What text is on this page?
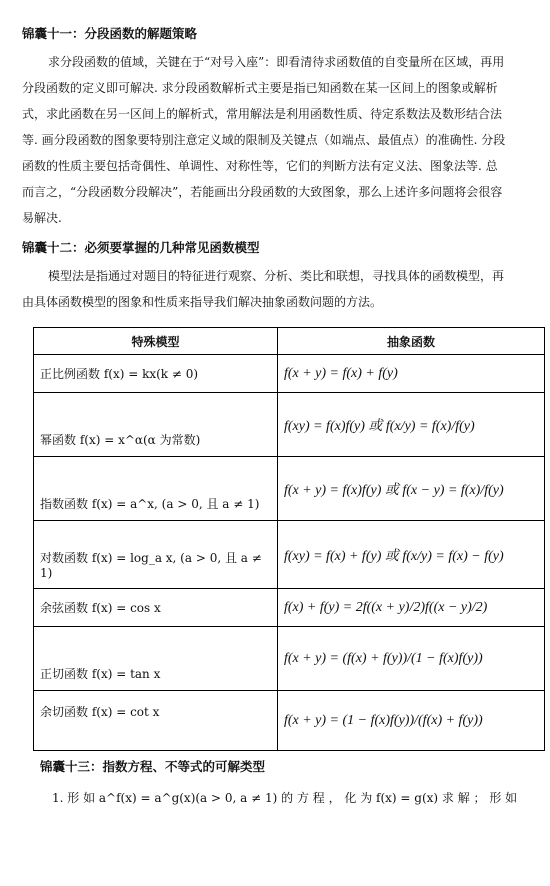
锦囊十一：分段函数的解题策略
求分段函数的值域，关键在于“对号入座”：即看清待求函数值的自变量所在区域，再用
分段函数的定义即可解决. 求分段函数解析式主要是指已知函数在某一区间上的图象或解析
式，求此函数在另一区间上的解析式，常用解法是利用函数性质、待定系数法及数形结合法
等. 画分段函数的图象要特别注意定义域的限制及关键点（如端点、最值点）的准确性. 分段
函数的性质主要包括奇偶性、单调性、对称性等，它们的判断方法有定义法、图象法等. 总
而言之，“分段函数分段解决”，若能画出分段函数的大致图象，那么上述许多问题将会很容
易解决.
锦囊十二：必须要掌握的几种常见函数模型
模型法是指通过对题目的特征进行观察、分析、类比和联想，寻找具体的函数模型，再
由具体函数模型的图象和性质来指导我们解决抽象函数问题的方法。
特殊模型	抽象函数
正比例函数 f(x) = kx(k ≠ 0)	f(x + y) = f(x) + f(y)
幂函数 f(x) = x^α(α 为常数)	f(xy) = f(x)f(y) 或 f(x/y) = f(x)/f(y)
指数函数 f(x) = a^x, (a > 0, 且 a ≠ 1)	f(x + y) = f(x)f(y) 或 f(x − y) = f(x)/f(y)
对数函数 f(x) = log_a x, (a > 0, 且 a ≠ 1)	f(xy) = f(x) + f(y) 或 f(x/y) = f(x) − f(y)
余弦函数 f(x) = cos x	f(x) + f(y) = 2f((x + y)/2)f((x − y)/2)
正切函数 f(x) = tan x	f(x + y) = (f(x) + f(y))/(1 − f(x)f(y))
余切函数 f(x) = cot x	f(x + y) = (1 − f(x)f(y))/(f(x) + f(y))
锦囊十三：指数方程、不等式的可解类型
1. 形 如 a^f(x) = a^g(x)(a > 0, a ≠ 1) 的 方 程 ， 化 为 f(x) = g(x) 求 解 ； 形 如
